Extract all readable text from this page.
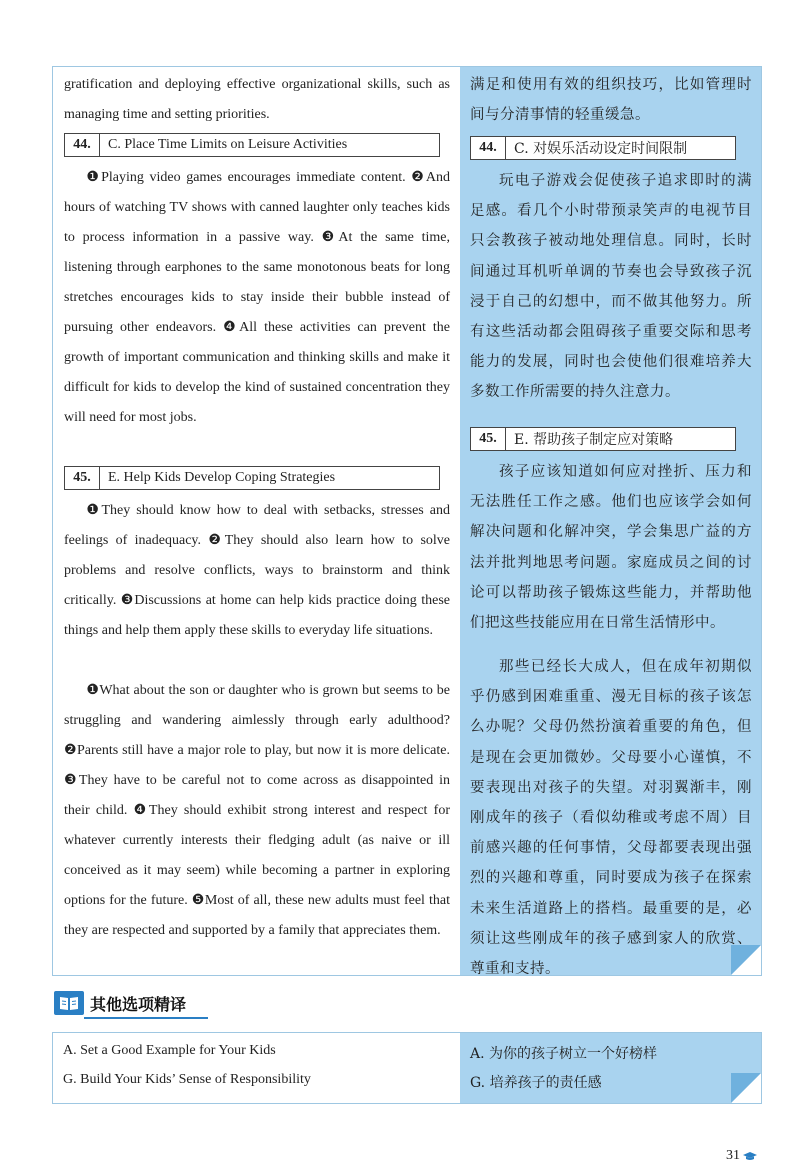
gratification and deploying effective organizational skills, such as managing time and setting priorities.

44.	C. Place Time Limits on Leisure Activities

❶Playing video games encourages immediate content. ❷And hours of watching TV shows with canned laughter only teaches kids to process information in a passive way. ❸At the same time, listening through earphones to the same monotonous beats for long stretches encourages kids to stay inside their bubble instead of pursuing other endeavors. ❹All these activities can prevent the growth of important communication and thinking skills and make it difficult for kids to develop the kind of sustained concentration they will need for most jobs.

45.	E. Help Kids Develop Coping Strategies

❶They should know how to deal with setbacks, stresses and feelings of inadequacy. ❷They should also learn how to solve problems and resolve conflicts, ways to brainstorm and think critically. ❸Discussions at home can help kids practice doing these things and help them apply these skills to everyday life situations.

❶What about the son or daughter who is grown but seems to be struggling and wandering aimlessly through early adulthood? ❷Parents still have a major role to play, but now it is more delicate. ❸They have to be careful not to come across as disappointed in their child. ❹They should exhibit strong interest and respect for whatever currently interests their fledging adult (as naive or ill conceived as it may seem) while becoming a partner in exploring options for the future. ❺Most of all, these new adults must feel that they are respected and supported by a family that appreciates them.

满足和使用有效的组织技巧，比如管理时间与分清事情的轻重缓急。

44.	C. 对娱乐活动设定时间限制

玩电子游戏会促使孩子追求即时的满足感。看几个小时带预录笑声的电视节目只会教孩子被动地处理信息。同时，长时间通过耳机听单调的节奏也会导致孩子沉浸于自己的幻想中，而不做其他努力。所有这些活动都会阻碍孩子重要交际和思考能力的发展，同时也会使他们很难培养大多数工作所需要的持久注意力。

45.	E. 帮助孩子制定应对策略

孩子应该知道如何应对挫折、压力和无法胜任工作之感。他们也应该学会如何解决问题和化解冲突，学会集思广益的方法并批判地思考问题。家庭成员之间的讨论可以帮助孩子锻炼这些能力，并帮助他们把这些技能应用在日常生活情形中。

那些已经长大成人，但在成年初期似乎仍感到困难重重、漫无目标的孩子该怎么办呢？父母仍然扮演着重要的角色，但是现在会更加微妙。父母要小心谨慎，不要表现出对孩子的失望。对羽翼渐丰，刚刚成年的孩子（看似幼稚或考虑不周）目前感兴趣的任何事情，父母都要表现出强烈的兴趣和尊重，同时要成为孩子在探索未来生活道路上的搭档。最重要的是，必须让这些刚成年的孩子感到家人的欣赏、尊重和支持。

其他选项精译
A. Set a Good Example for Your Kids	A. 为你的孩子树立一个好榜样
G. Build Your Kids’ Sense of Responsibility	G. 培养孩子的责任感
31
